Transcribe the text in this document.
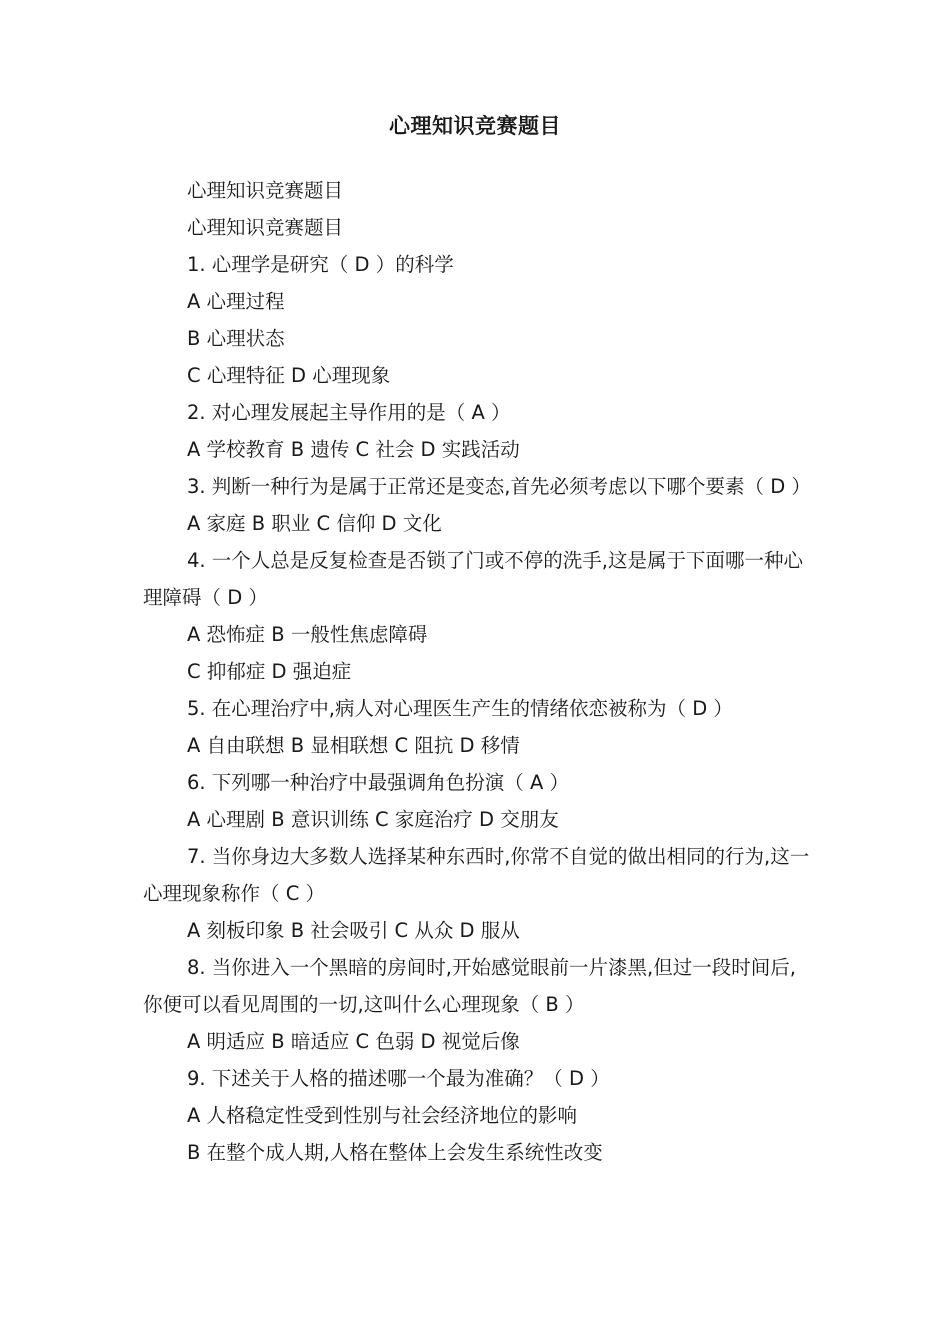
心理知识竞赛题目

心理知识竞赛题目

心理知识竞赛题目

1. 心理学是研究（ D ）的科学

A 心理过程

B 心理状态

C 心理特征 D 心理现象

2. 对心理发展起主导作用的是（ A ）

A 学校教育 B 遗传 C 社会 D 实践活动

3. 判断一种行为是属于正常还是变态,首先必须考虑以下哪个要素（ D ）

A 家庭 B 职业 C 信仰 D 文化

4. 一个人总是反复检查是否锁了门或不停的洗手,这是属于下面哪一种心理障碍（ D ）

A 恐怖症 B 一般性焦虑障碍

C 抑郁症 D 强迫症

5. 在心理治疗中,病人对心理医生产生的情绪依恋被称为（ D ）

A 自由联想 B 显相联想 C 阻抗 D 移情

6. 下列哪一种治疗中最强调角色扮演（ A ）

A 心理剧 B 意识训练 C 家庭治疗 D 交朋友

7. 当你身边大多数人选择某种东西时,你常不自觉的做出相同的行为,这一心理现象称作（ C ）

A 刻板印象 B 社会吸引 C 从众 D 服从

8. 当你进入一个黑暗的房间时,开始感觉眼前一片漆黑,但过一段时间后,你便可以看见周围的一切,这叫什么心理现象（ B ）

A 明适应 B 暗适应 C 色弱 D 视觉后像

9. 下述关于人格的描述哪一个最为准确？（ D ）

A 人格稳定性受到性别与社会经济地位的影响

B 在整个成人期,人格在整体上会发生系统性改变
